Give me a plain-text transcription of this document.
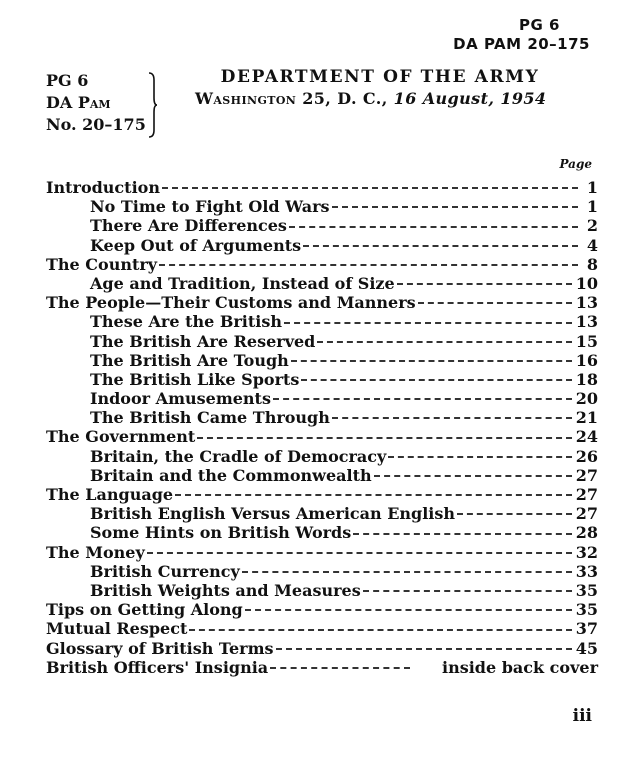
PG 6
DA PAM 20–175
PG 6
DA Pam
No. 20–175
DEPARTMENT OF THE ARMY
Washington 25, D. C., 16 August, 1954
Page
Introduction	1
No Time to Fight Old Wars	1
There Are Differences	2
Keep Out of Arguments	4
The Country	8
Age and Tradition, Instead of Size	10
The People—Their Customs and Manners	13
These Are the British	13
The British Are Reserved	15
The British Are Tough	16
The British Like Sports	18
Indoor Amusements	20
The British Came Through	21
The Government	24
Britain, the Cradle of Democracy	26
Britain and the Commonwealth	27
The Language	27
British English Versus American English	27
Some Hints on British Words	28
The Money	32
British Currency	33
British Weights and Measures	35
Tips on Getting Along	35
Mutual Respect	37
Glossary of British Terms	45
British Officers' Insignia	inside back cover
iii
